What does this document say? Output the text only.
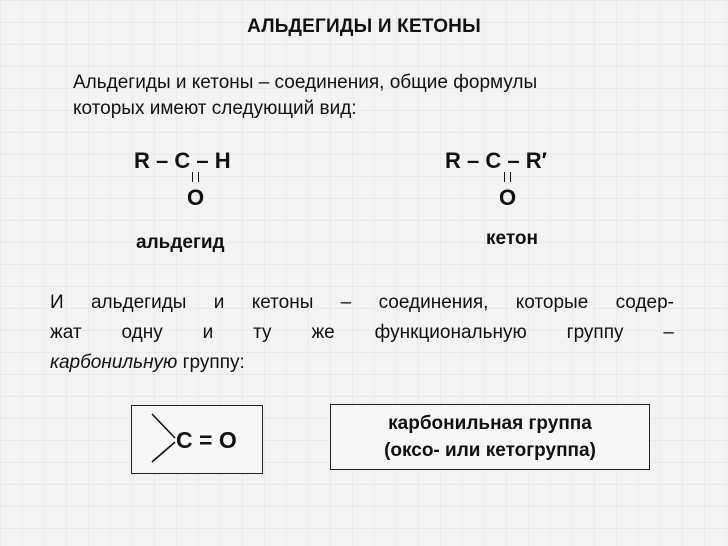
АЛЬДЕГИДЫ И КЕТОНЫ
Альдегиды и кетоны – соединения, общие формулы
которых имеют следующий вид:
R – C – H
O
альдегид
R – C – R′
O
кетон
И альдегиды и кетоны – соединения, которые содер-
жат одну и ту же функциональную группу –
карбонильную группу:
C = O
карбонильная группа
(оксо- или кетогруппа)
